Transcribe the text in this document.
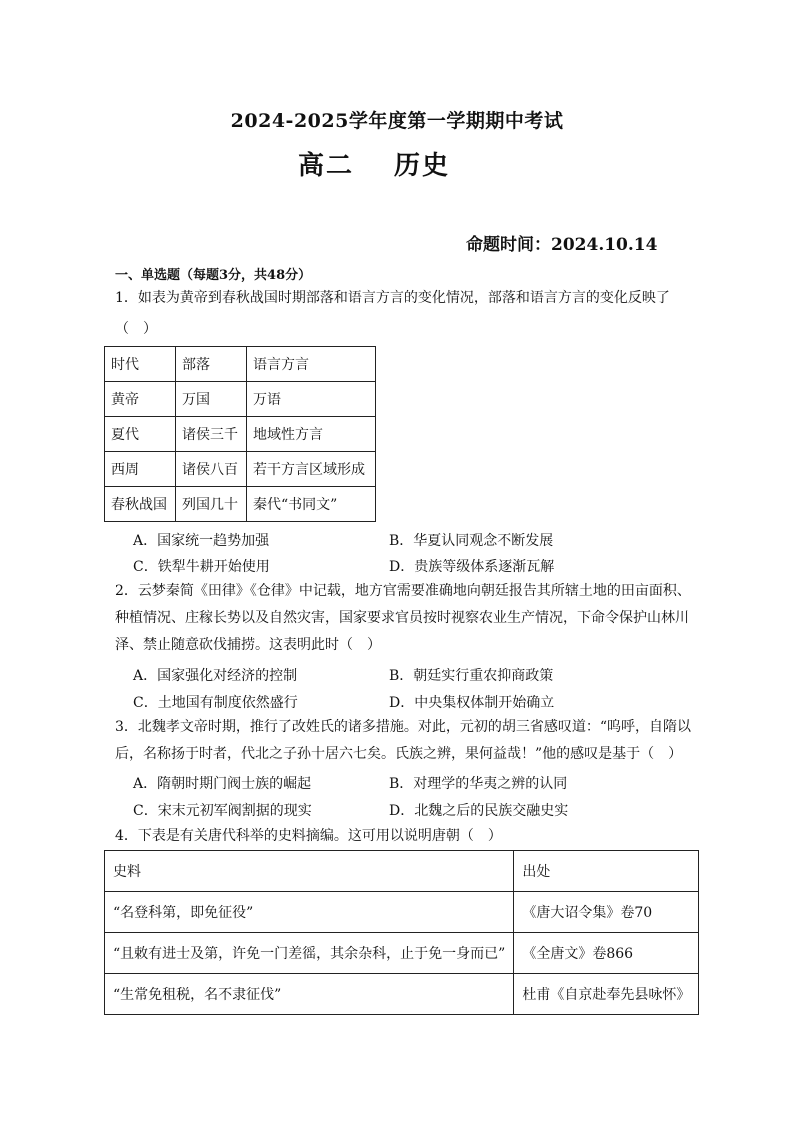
2024-2025学年度第一学期期中考试
高二 历史
命题时间：2024.10.14
一、单选题（每题3分，共48分）
1．如表为黄帝到春秋战国时期部落和语言方言的变化情况，部落和语言方言的变化反映了
（　）
时代	部落	语言方言
黄帝	万国	万语
夏代	诸侯三千	地域性方言
西周	诸侯八百	若干方言区域形成
春秋战国	列国几十	秦代“书同文”
A．国家统一趋势加强	B．华夏认同观念不断发展
C．铁犁牛耕开始使用	D．贵族等级体系逐渐瓦解
2．云梦秦简《田律》《仓律》中记载，地方官需要准确地向朝廷报告其所辖土地的田亩面积、
种植情况、庄稼长势以及自然灾害，国家要求官员按时视察农业生产情况，下命令保护山林川
泽、禁止随意砍伐捕捞。这表明此时（　）
A．国家强化对经济的控制	B．朝廷实行重农抑商政策
C．土地国有制度依然盛行	D．中央集权体制开始确立
3．北魏孝文帝时期，推行了改姓氏的诸多措施。对此，元初的胡三省感叹道：“呜呼，自隋以
后，名称扬于时者，代北之子孙十居六七矣。氏族之辨，果何益哉！”他的感叹是基于（　）
A．隋朝时期门阀士族的崛起	B．对理学的华夷之辨的认同
C．宋末元初军阀割据的现实	D．北魏之后的民族交融史实
4．下表是有关唐代科举的史料摘编。这可用以说明唐朝（　）
史料	出处
“名登科第，即免征役”	《唐大诏令集》卷70
“且敕有进士及第，许免一门差徭，其余杂科，止于免一身而已”	《全唐文》卷866
“生常免租税，名不隶征伐”	杜甫《自京赴奉先县咏怀》
